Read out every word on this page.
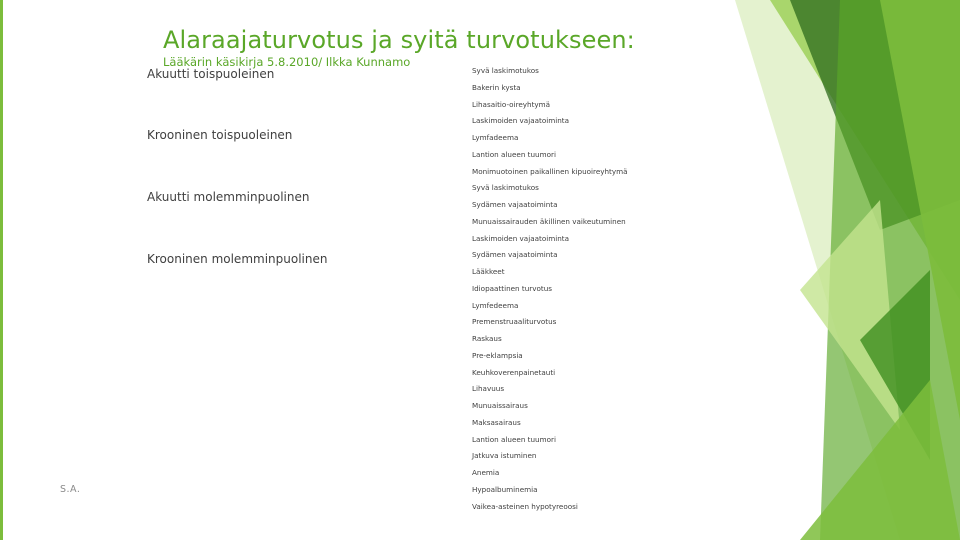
Alaraajaturvotus ja syitä turvotukseen:
Lääkärin käsikirja 5.8.2010/ Ilkka Kunnamo
Akuutti toispuoleinen
Krooninen toispuoleinen
Akuutti molemminpuolinen
Krooninen molemminpuolinen
Syvä laskimotukos
Bakerin kysta
Lihasaitio-oireyhtymä
Laskimoiden vajaatoiminta
Lymfadeema
Lantion alueen tuumori
Monimuotoinen paikallinen kipuoireyhtymä
Syvä laskimotukos
Sydämen vajaatoiminta
Munuaissairauden äkillinen vaikeutuminen
Laskimoiden vajaatoiminta
Sydämen vajaatoiminta
Lääkkeet
Idiopaattinen turvotus
Lymfedeema
Premenstruaaliturvotus
Raskaus
Pre-eklampsia
Keuhkoverenpainetauti
Lihavuus
Munuaissairaus
Maksasairaus
Lantion alueen tuumori
Jatkuva istuminen
Anemia
Hypoalbuminemia
Vaikea-asteinen hypotyreoosi
S.A.
